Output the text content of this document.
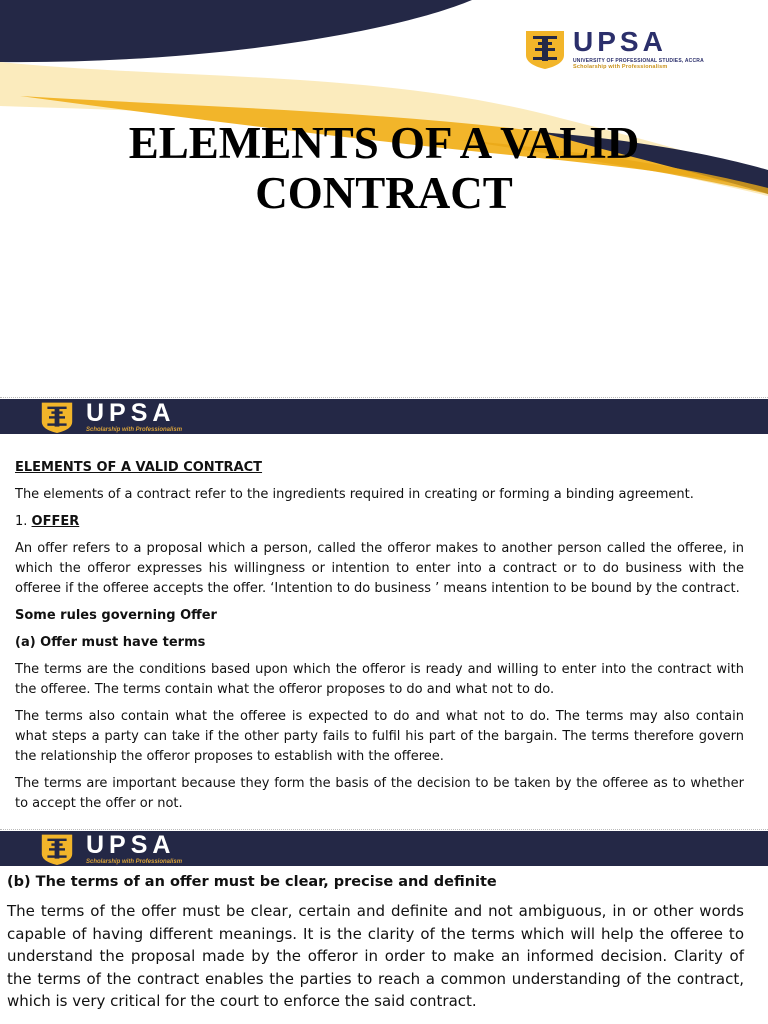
UPSA
UNIVERSITY OF PROFESSIONAL STUDIES, ACCRA
Scholarship with Professionalism
ELEMENTS OF A VALID
CONTRACT
UPSA
Scholarship with Professionalism

ELEMENTS OF A VALID CONTRACT

The elements of a contract refer to the ingredients required in creating or forming a binding agreement.

1. OFFER

An offer refers to a proposal which a person, called the offeror makes to another person called the offeree, in which the offeror expresses his willingness or intention to enter into a contract or to do business with the offeree if the offeree accepts the offer. ‘Intention to do business ’ means intention to be bound by the contract.

Some rules governing Offer

(a) Offer must have terms

The terms are the conditions based upon which the offeror is ready and willing to enter into the contract with the offeree. The terms contain what the offeror proposes to do and what not to do.

The terms also contain what the offeree is expected to do and what not to do. The terms may also contain what steps a party can take if the other party fails to fulfil his part of the bargain. The terms therefore govern the relationship the offeror proposes to establish with the offeree.

The terms are important because they form the basis of the decision to be taken by the offeree as to whether to accept the offer or not.

UPSA
Scholarship with Professionalism
(b) The terms of an offer must be clear, precise and definite
The terms of the offer must be clear, certain and definite and not ambiguous, in or other words capable of having different meanings. It is the clarity of the terms which will help the offeree to understand the proposal made by the offeror in order to make an informed decision. Clarity of the terms of the contract enables the parties to reach a common understanding of the contract, which is very critical for the court to enforce the said contract.
